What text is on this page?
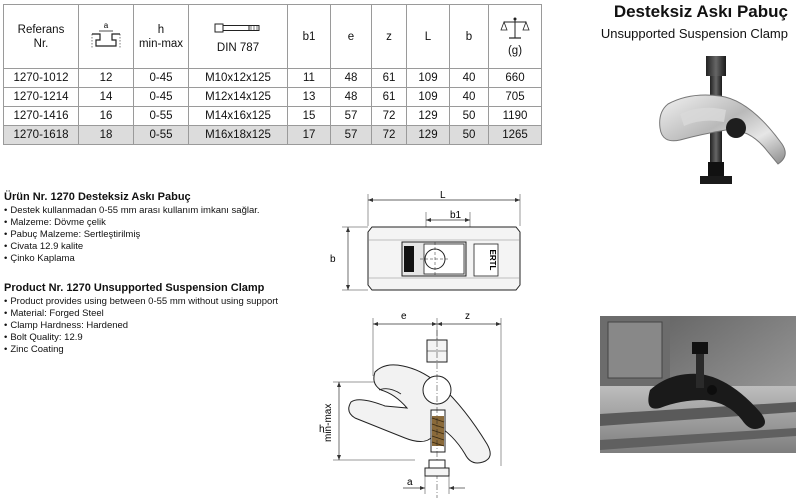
Referans
Nr.	a	h
min-max	DIN 787	b1	e	z	L	b	(g)

1270-1012	12	0-45	M10x12x125	11	48	61	109	40	660
1270-1214	14	0-45	M12x14x125	13	48	61	109	40	705
1270-1416	16	0-55	M14x16x125	15	57	72	129	50	1190
1270-1618	18	0-55	M16x18x125	17	57	72	129	50	1265
Desteksiz Askı Pabuç
Unsupported Suspension Clamp
Ürün Nr. 1270 Desteksiz Askı Pabuç
• Destek kullanmadan 0-55 mm arası kullanım imkanı sağlar.
• Malzeme: Dövme çelik
• Pabuç Malzeme: Sertleştirilmiş
• Civata 12.9 kalite
• Çinko Kaplama
Product Nr. 1270 Unsupported Suspension Clamp
• Product provides using between 0-55 mm without using support
• Material: Forged Steel
• Clamp Hardness: Hardened
• Bolt Quality: 12.9
• Zinc Coating
L
b1
b	ERTL
e	z
h
min-max
a
